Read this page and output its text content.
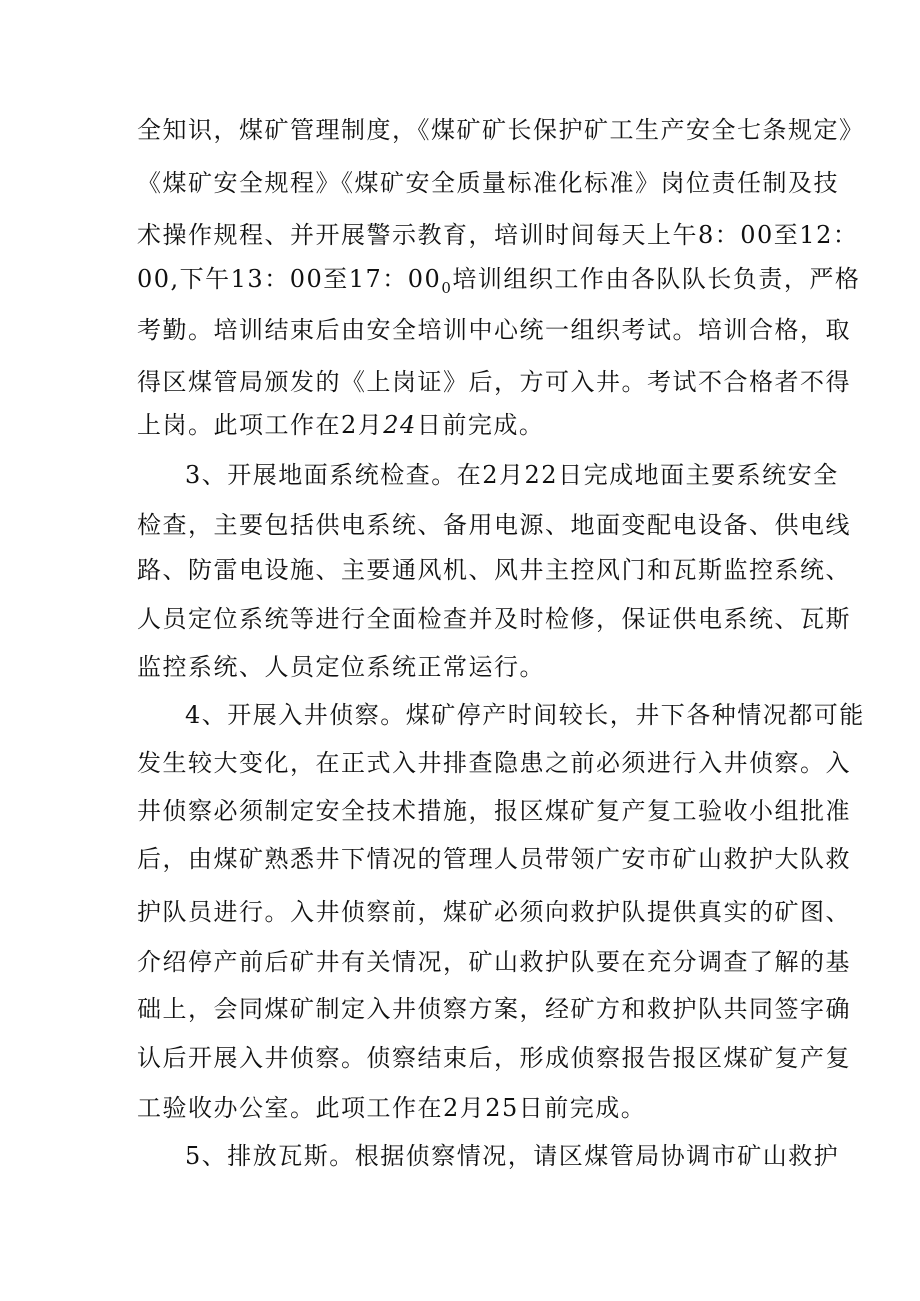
全知识，煤矿管理制度，《煤矿矿长保护矿工生产安全七条规定》
《煤矿安全规程》《煤矿安全质量标准化标准》岗位责任制及技
术操作规程、并开展警示教育，培训时间每天上午8：00至12：
00,下午13：00至17：$00_0$培训组织工作由各队队长负责，严格
考勤。培训结束后由安全培训中心统一组织考试。培训合格，取
得区煤管局颁发的《上岗证》后，方可入井。考试不合格者不得
上岗。此项工作在2月24日前完成。
3、开展地面系统检查。在2月22日完成地面主要系统安全
检查，主要包括供电系统、备用电源、地面变配电设备、供电线
路、防雷电设施、主要通风机、风井主控风门和瓦斯监控系统、
人员定位系统等进行全面检查并及时检修，保证供电系统、瓦斯
监控系统、人员定位系统正常运行。
4、开展入井侦察。煤矿停产时间较长，井下各种情况都可能
发生较大变化，在正式入井排查隐患之前必须进行入井侦察。入
井侦察必须制定安全技术措施，报区煤矿复产复工验收小组批准
后，由煤矿熟悉井下情况的管理人员带领广安市矿山救护大队救
护队员进行。入井侦察前，煤矿必须向救护队提供真实的矿图、
介绍停产前后矿井有关情况，矿山救护队要在充分调查了解的基
础上，会同煤矿制定入井侦察方案，经矿方和救护队共同签字确
认后开展入井侦察。侦察结束后，形成侦察报告报区煤矿复产复
工验收办公室。此项工作在2月25日前完成。
5、排放瓦斯。根据侦察情况，请区煤管局协调市矿山救护
